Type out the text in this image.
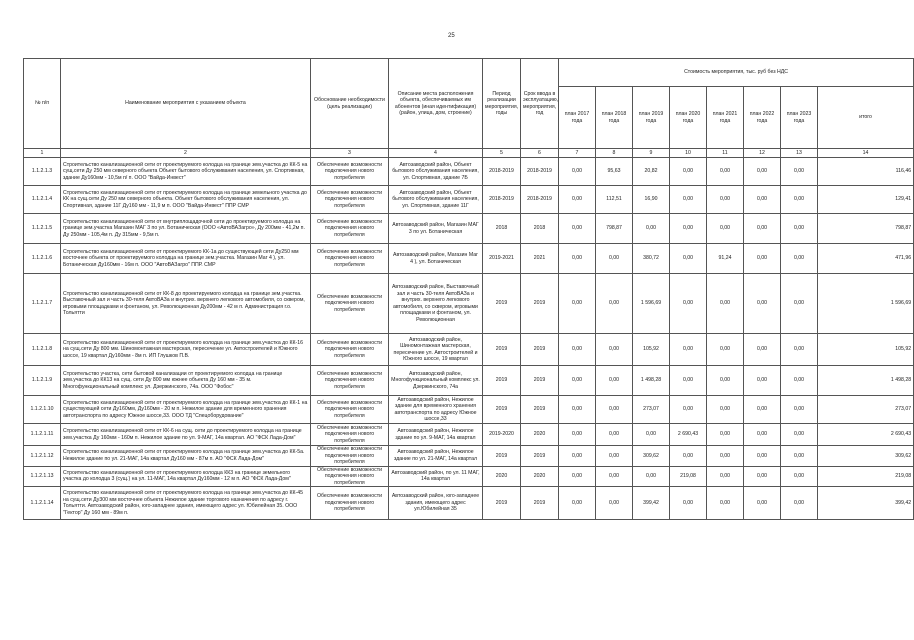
25
№ п/п	Наименование мероприятия с указанием объекта	Обоснование необходимости (цель реализации)	Описание места расположения объекта, обеспечиваемых им абонентов (иная идентификация) (район, улица, дом, строение)	Период реализации мероприятия, годы	Срок ввода в эксплуатацию, мероприятия, год	Стоимость мероприятия, тыс. руб без НДС							
						план 2017 года	план 2018 года	план 2019 года	план 2020 года	план 2021 года	план 2022 года	план 2023 года	итого
1	2	3	4	5	6	7	8	9	10	11	12	13	14
1.1.2.1.3	Строительство канализационной сети от проектируемого колодца на границе зем.участка до КК-5 на сущ.сети Ду 250 мм северного объекта Объект бытового обслуживания населения, ул. Спортивная, здание Ду160мм - 10,5м п/ п. ООО "Вайда-Инвест"	Обеспечение возможности подключения нового потребителя	Автозаводский район, Объект бытового обслуживания населения, ул. Спортивная, здание 7Б	2018-2019	2018-2019	0,00	95,63	20,82	0,00	0,00	0,00	0,00	116,46
1.1.2.1.4	Строительство канализационной сети от проектируемого колодца на границе земельного участка до КК на сущ.сети Ду 250 мм северного объекта. Объект бытового обслуживания населения, ул. Спортивная, здание 11Г Ду160 мм - 11,9 м п. ООО "Вайда-Инвест" ППР СМР	Обеспечение возможности подключения нового потребителя	Автозаводский район, Объект бытового обслуживания населения, ул. Спортивная, здание 11Г	2018-2019	2018-2019	0,00	112,51	16,90	0,00	0,00	0,00	0,00	129,41
1.1.2.1.5	Строительство канализационной сети от внутриплощадочной сети до проектируемого колодца на границе зем.участка Магазин МАГ 3 по ул. Ботаническая (ООО «АвтоВАЗагро», Ду 200мм - 41,2м п. Ду 250мм - 105,4м п. Ду 315мм - 9,5м п.	Обеспечение возможности подключения нового потребителя	Автозаводский район, Магазин МАГ 3 по ул. Ботаническая	2018	2018	0,00	798,87	0,00	0,00	0,00	0,00	0,00	798,87
1.1.2.1.6	Строительство канализационной сети от проектируемого КК-1а до существующей сети Ду250 мм восточнее объекта от проектируемого колодца на границе зем.участка. Магазин Маг 4 ), ул. Ботаническая Ду160мм - 16м п. ООО "АвтоВАЗагро" ППР. СМР	Обеспечение возможности подключения нового потребителя	Автозаводский район, Магазин Маг 4 ), ул. Ботаническая	2019-2021	2021	0,00	0,00	380,72	0,00	91,24	0,00	0,00	471,96
1.1.2.1.7	Строительство канализационной сети от КК-8 до проектируемого колодца на границе зем.участка. Выставочный зал и часть 30-теля АвтоВАЗа и внутрих. верхнего легкового автомобиля, со сквером, игровыми площадками и фонтаном, ул. Революционная Ду200мм - 42 м п. Администрация г.о. Тольятти	Обеспечение возможности подключения нового потребителя	Автозаводский район, Выставочный зал и часть 30-теля АвтоВАЗа и внутрих. верхнего легкового автомобиля, со сквером, игровыми площадками и фонтаном, ул. Революционная	2019	2019	0,00	0,00	1 596,69	0,00	0,00	0,00	0,00	1 596,69
1.1.2.1.8	Строительство канализационной сети от проектируемого колодца на границе зем.участка до КК-16 на сущ.сети Ду 800 мм. Шиномонтажная мастерская, пересечение ул. Автостроителей и Южного шоссе, 19 квартал Ду160мм - 8м п. ИП Глушков П.В.	Обеспечение возможности подключения нового потребителя	Автозаводский район, Шиномонтажная мастерская, пересечение ул. Автостроителей и Южного шоссе, 19 квартал	2019	2019	0,00	0,00	105,92	0,00	0,00	0,00	0,00	105,92
1.1.2.1.9	Строительство участка, сети бытовой канализации от проектируемого колодца на границе зем.участка до КК13 на сущ. сети Ду 800 мм южнее объекта Ду 160 мм - 35 м. Многофункциональный комплекс ул. Дзержинского, 74а. ООО "Фобос"	Обеспечение возможности подключения нового потребителя	Автозаводский район, Многофункциональный комплекс ул. Дзержинского, 74а	2019	2019	0,00	0,00	1 498,28	0,00	0,00	0,00	0,00	1 498,28
1.1.2.1.10	Строительство канализационной сети от проектируемого колодца на границе зем.участка до КК-1 на существующей сети Ду160мм, Ду160мм - 20 м п. Нежилое здание для временного хранения автотранспорта по адресу Южное шоссе,33. ООО ТД "Спецоборудование"	Обеспечение возможности подключения нового потребителя	Автозаводский район, Нежилое здание для временного хранения автотранспорта по адресу Южное шоссе,33	2019	2019	0,00	0,00	273,07	0,00	0,00	0,00	0,00	273,07
1.1.2.1.11	Строительство канализационной сети от КК-6 на сущ. сети до проектируемого колодца на границе зем.участка Ду 160мм - 160м п. Нежилое здание по ул. 9-МАГ, 14а квартал. АО "ФСК Лада-Дом"	Обеспечение возможности подключения нового потребителя	Автозаводский район, Нежилое здание по ул. 9-МАГ, 14а квартал	2019-2020	2020	0,00	0,00	0,00	2 690,43	0,00	0,00	0,00	2 690,43
1.1.2.1.12	Строительство канализационной сети от проектируемого колодца на границе зем.участка до КК-5а. Нежилое здание по ул. 21-МАГ, 14а квартал Ду160 мм - 87м п. АО "ФСК Лада-Дом"	Обеспечение возможности подключения нового потребителя	Автозаводский район, Нежилое здание по ул. 21-МАГ, 14а квартал	2019	2019	0,00	0,00	309,62	0,00	0,00	0,00	0,00	309,62
1.1.2.1.13	Строительство канализационной сети от проектируемого колодца КК3 на границе земельного участка до колодца 3 (сущ.) на ул. 11-МАГ, 14а квартал Ду160мм - 12 м п. АО "ФСК Лада-Дом"	Обеспечение возможности подключения нового потребителя	Автозаводский район, по ул. 11 МАГ, 14а квартал	2020	2020	0,00	0,00	0,00	219,08	0,00	0,00	0,00	219,08
1.1.2.1.14	Строительство канализационной сети от проектируемого колодца на границе зем.участка до КК-45 на сущ.сети Ду300 мм восточнее объекта Нежилое здание торгового назначения по адресу г. Тольятти. Автозаводский район, юго-западнее здания, имеющего адрес ул. Юбилейная 35. ООО "Гектор" Ду 160 мм - 89м п.	Обеспечение возможности подключения нового потребителя	Автозаводский район, юго-западнее здания, имеющего адрес ул.Юбилейная 35	2019	2019	0,00	0,00	399,42	0,00	0,00	0,00	0,00	399,42
